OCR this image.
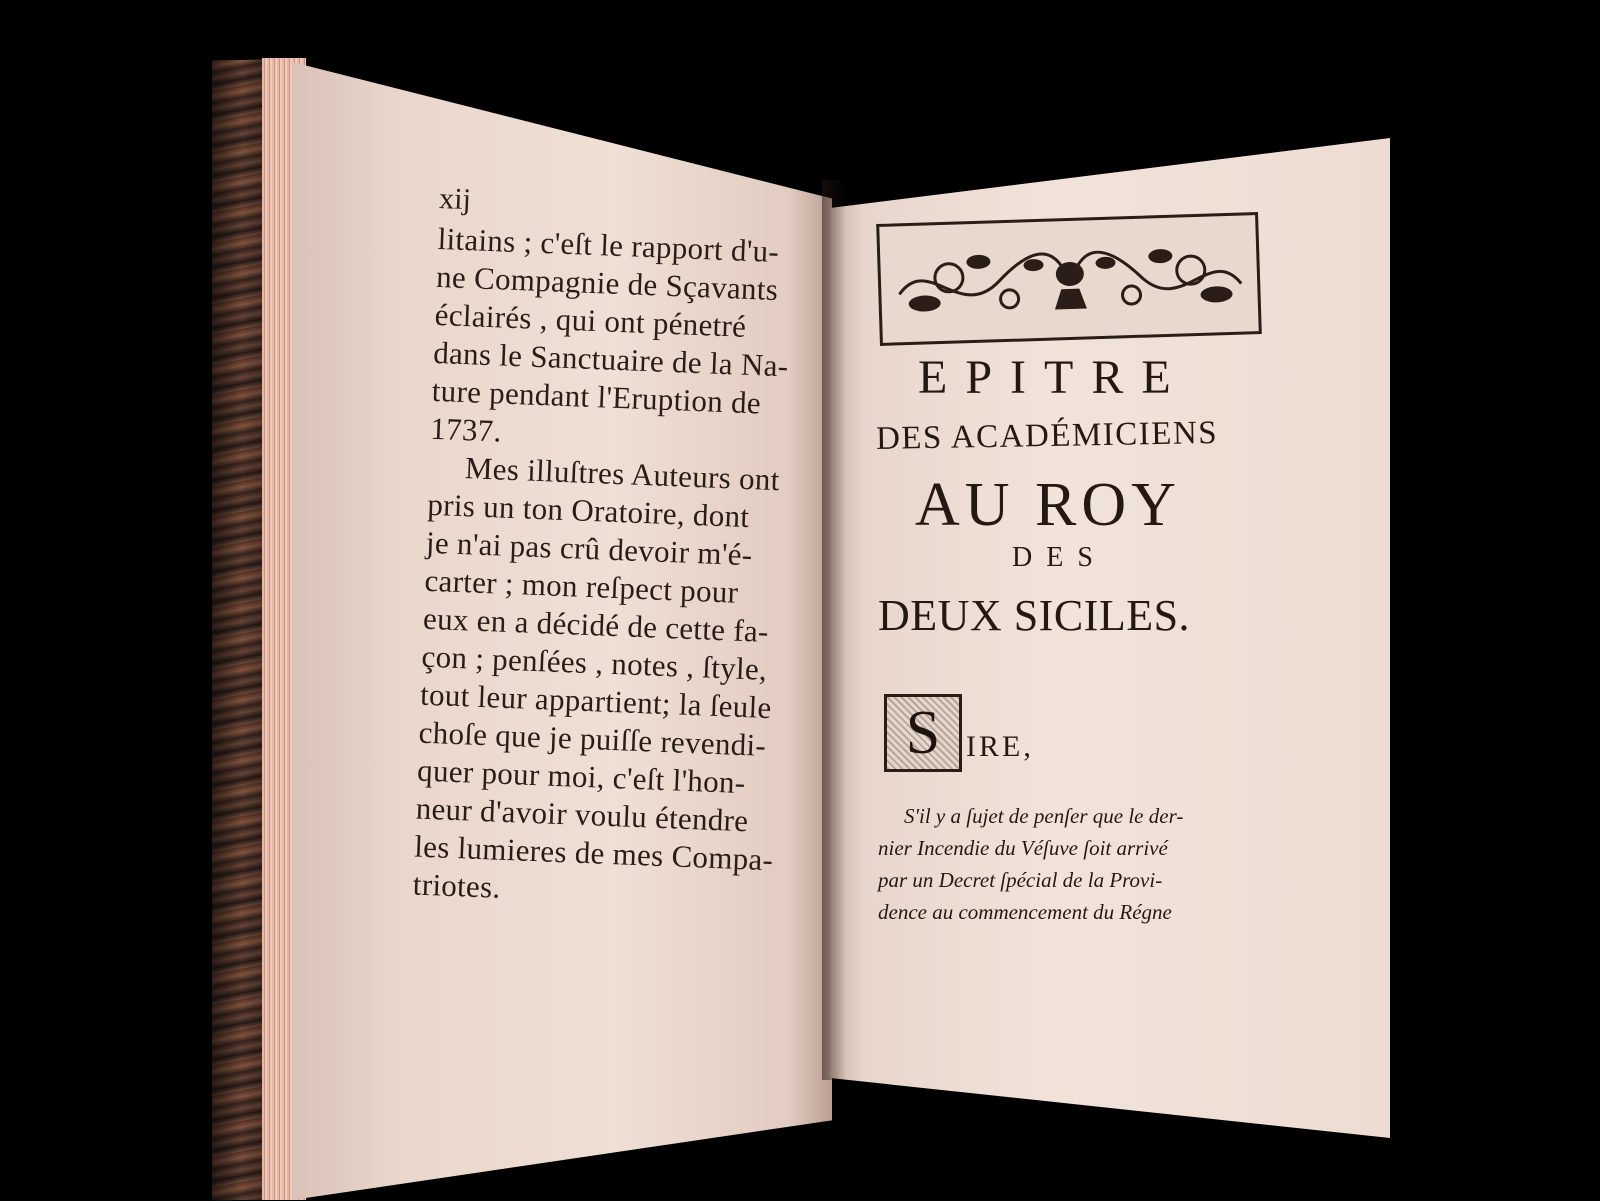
xij
litains ; c'eſt le rapport d'u-
ne Compagnie de Sçavants
éclairés , qui ont pénetré
dans le Sanctuaire de la Na-
ture pendant l'Eruption de
1737.
Mes illuſtres Auteurs ont
pris un ton Oratoire, dont
je n'ai pas crû devoir m'é-
carter ; mon reſpect pour
eux en a décidé de cette fa-
çon ; penſées , notes , ſtyle,
tout leur appartient; la ſeule
choſe que je puiſſe revendi-
quer pour moi, c'eſt l'hon-
neur d'avoir voulu étendre
les lumieres de mes Compa-
triotes.
EPITRE
DES ACADÉMICIENS
AU ROY
DES
DEUX SICILES.
S IRE,
S'il y a ſujet de penſer que le der-
nier Incendie du Véſuve ſoit arrivé
par un Decret ſpécial de la Provi-
dence au commencement du Régne
